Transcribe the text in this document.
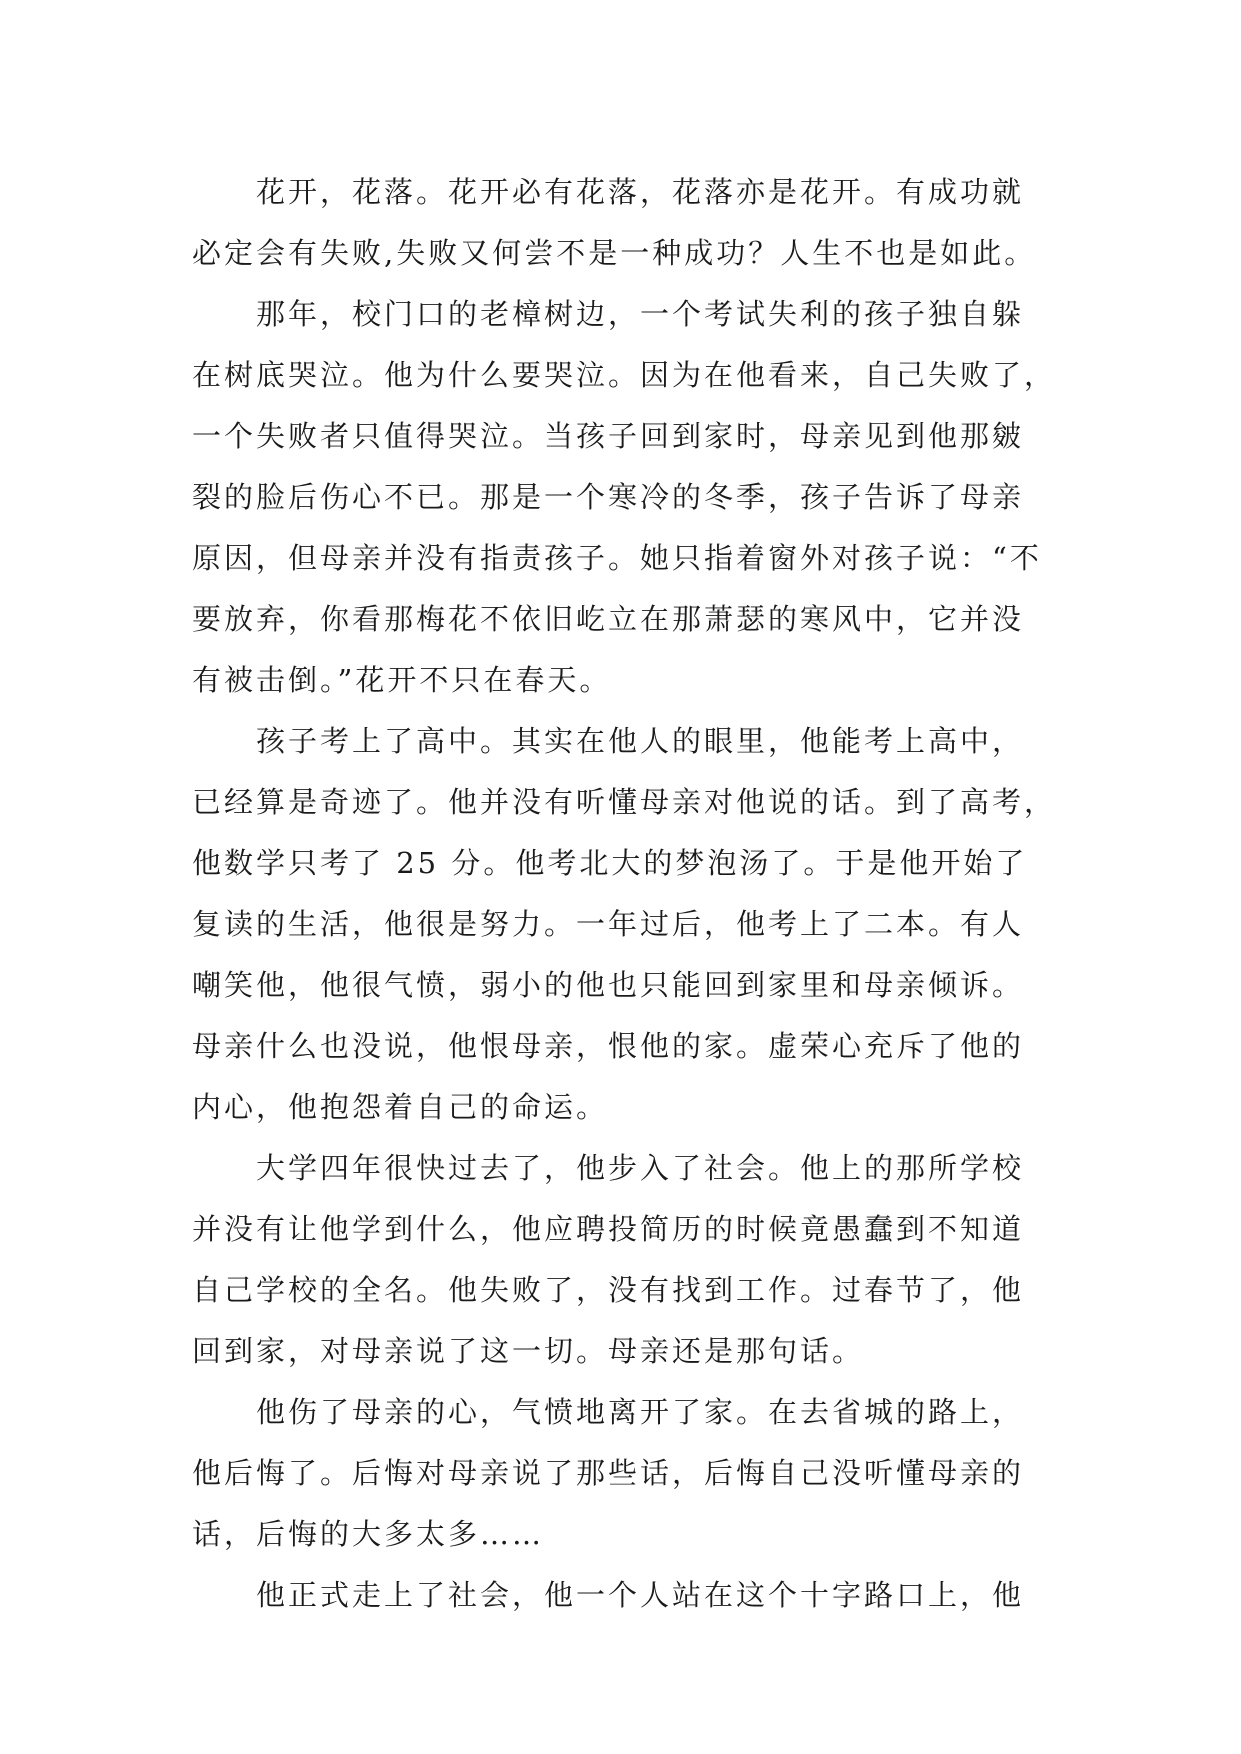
花开，花落。花开必有花落，花落亦是花开。有成功就
必定会有失败,失败又何尝不是一种成功？人生不也是如此。
那年，校门口的老樟树边，一个考试失利的孩子独自躲
在树底哭泣。他为什么要哭泣。因为在他看来，自己失败了，
一个失败者只值得哭泣。当孩子回到家时，母亲见到他那皴
裂的脸后伤心不已。那是一个寒冷的冬季，孩子告诉了母亲
原因，但母亲并没有指责孩子。她只指着窗外对孩子说：“不
要放弃，你看那梅花不依旧屹立在那萧瑟的寒风中，它并没
有被击倒。”花开不只在春天。
孩子考上了高中。其实在他人的眼里，他能考上高中，
已经算是奇迹了。他并没有听懂母亲对他说的话。到了高考，
他数学只考了 25 分。他考北大的梦泡汤了。于是他开始了
复读的生活，他很是努力。一年过后，他考上了二本。有人
嘲笑他，他很气愤，弱小的他也只能回到家里和母亲倾诉。
母亲什么也没说，他恨母亲，恨他的家。虚荣心充斥了他的
内心，他抱怨着自己的命运。
大学四年很快过去了，他步入了社会。他上的那所学校
并没有让他学到什么，他应聘投简历的时候竟愚蠢到不知道
自己学校的全名。他失败了，没有找到工作。过春节了，他
回到家，对母亲说了这一切。母亲还是那句话。
他伤了母亲的心，气愤地离开了家。在去省城的路上，
他后悔了。后悔对母亲说了那些话，后悔自己没听懂母亲的
话，后悔的大多太多……
他正式走上了社会，他一个人站在这个十字路口上，他
